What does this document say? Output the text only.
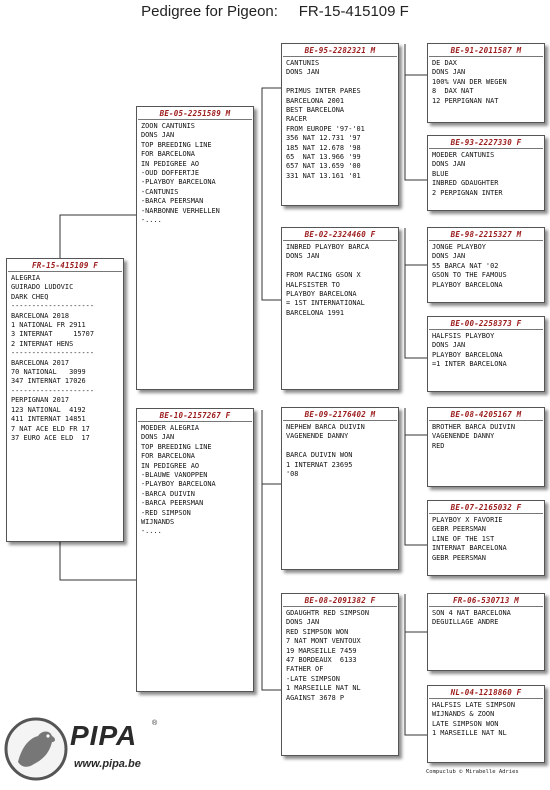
Pedigree for Pigeon:     FR-15-415109 F
FR-15-415109 F
ALEGRIA
GUIRADO LUDOVIC
DARK CHEQ
--------------------
BARCELONA 2018
1 NATIONAL FR 2911
3 INTERNAT     15707
2 INTERNAT HENS
--------------------
BARCELONA 2017
70 NATIONAL   3099
347 INTERNAT 17026
--------------------
PERPIGNAN 2017
123 NATIONAL  4192
411 INTERNAT 14851
7 NAT ACE ELD FR 17
37 EURO ACE ELD  17
BE-05-2251589 M
ZOON CANTUNIS
DONS JAN
TOP BREEDING LINE
FOR BARCELONA
IN PEDIGREE AO
-OUD DOFFERTJE
-PLAYBOY BARCELONA
-CANTUNIS
-BARCA PEERSMAN
-NARBONNE VERHELLEN
-....
BE-10-2157267 F
MOEDER ALEGRIA
DONS JAN
TOP BREEDING LINE
FOR BARCELONA
IN PEDIGREE AO
-BLAUWE VANOPPEN
-PLAYBOY BARCELONA
-BARCA DUIVIN
-BARCA PEERSMAN
-RED SIMPSON
WIJNANDS
-....
BE-95-2282321 M
CANTUNIS
DONS JAN

PRIMUS INTER PARES
BARCELONA 2001
BEST BARCELONA
RACER
FROM EUROPE '97-'01
356 NAT 12.731 '97
185 NAT 12.678 '98
65  NAT 13.966 '99
657 NAT 13.659 '00
331 NAT 13.161 '01
BE-02-2324460 F
INBRED PLAYBOY BARCA
DONS JAN

FROM RACING GSON X
HALFSISTER TO
PLAYBOY BARCELONA
= 1ST INTERNATIONAL
BARCELONA 1991
BE-09-2176402 M
NEPHEW BARCA DUIVIN
VAGENENDE DANNY

BARCA DUIVIN WON
1 INTERNAT 23695
'08
BE-08-2091382 F
GDAUGHTR RED SIMPSON
DONS JAN
RED SIMPSON WON
7 NAT MONT VENTOUX
19 MARSEILLE 7459
47 BORDEAUX  6133
FATHER OF
-LATE SIMPSON
1 MARSEILLE NAT NL
AGAINST 3678 P
BE-91-2011587 M
DE DAX
DONS JAN
100% VAN DER WEGEN
8  DAX NAT
12 PERPIGNAN NAT
BE-93-2227330 F
MOEDER CANTUNIS
DONS JAN
BLUE
INBRED GDAUGHTER
2 PERPIGNAN INTER
BE-98-2215327 M
JONGE PLAYBOY
DONS JAN
55 BARCA NAT '02
GSON TO THE FAMOUS
PLAYBOY BARCELONA
BE-00-2258373 F
HALFSIS PLAYBOY
DONS JAN
PLAYBOY BARCELONA
=1 INTER BARCELONA
BE-08-4205167 M
BROTHER BARCA DUIVIN
VAGENENDE DANNY
RED
BE-07-2165032 F
PLAYBOY X FAVORIE
GEBR PEERSMAN
LINE OF THE 1ST
INTERNAT BARCELONA
GEBR PEERSMAN
FR-06-530713 M
SON 4 NAT BARCELONA
DEGUILLAGE ANDRE
NL-04-1218860 F
HALFSIS LATE SIMPSON
WIJNANDS & ZOON
LATE SIMPSON WON
1 MARSEILLE NAT NL
PIPA ®
www.pipa.be
Compuclub © Mirabelle Adries
